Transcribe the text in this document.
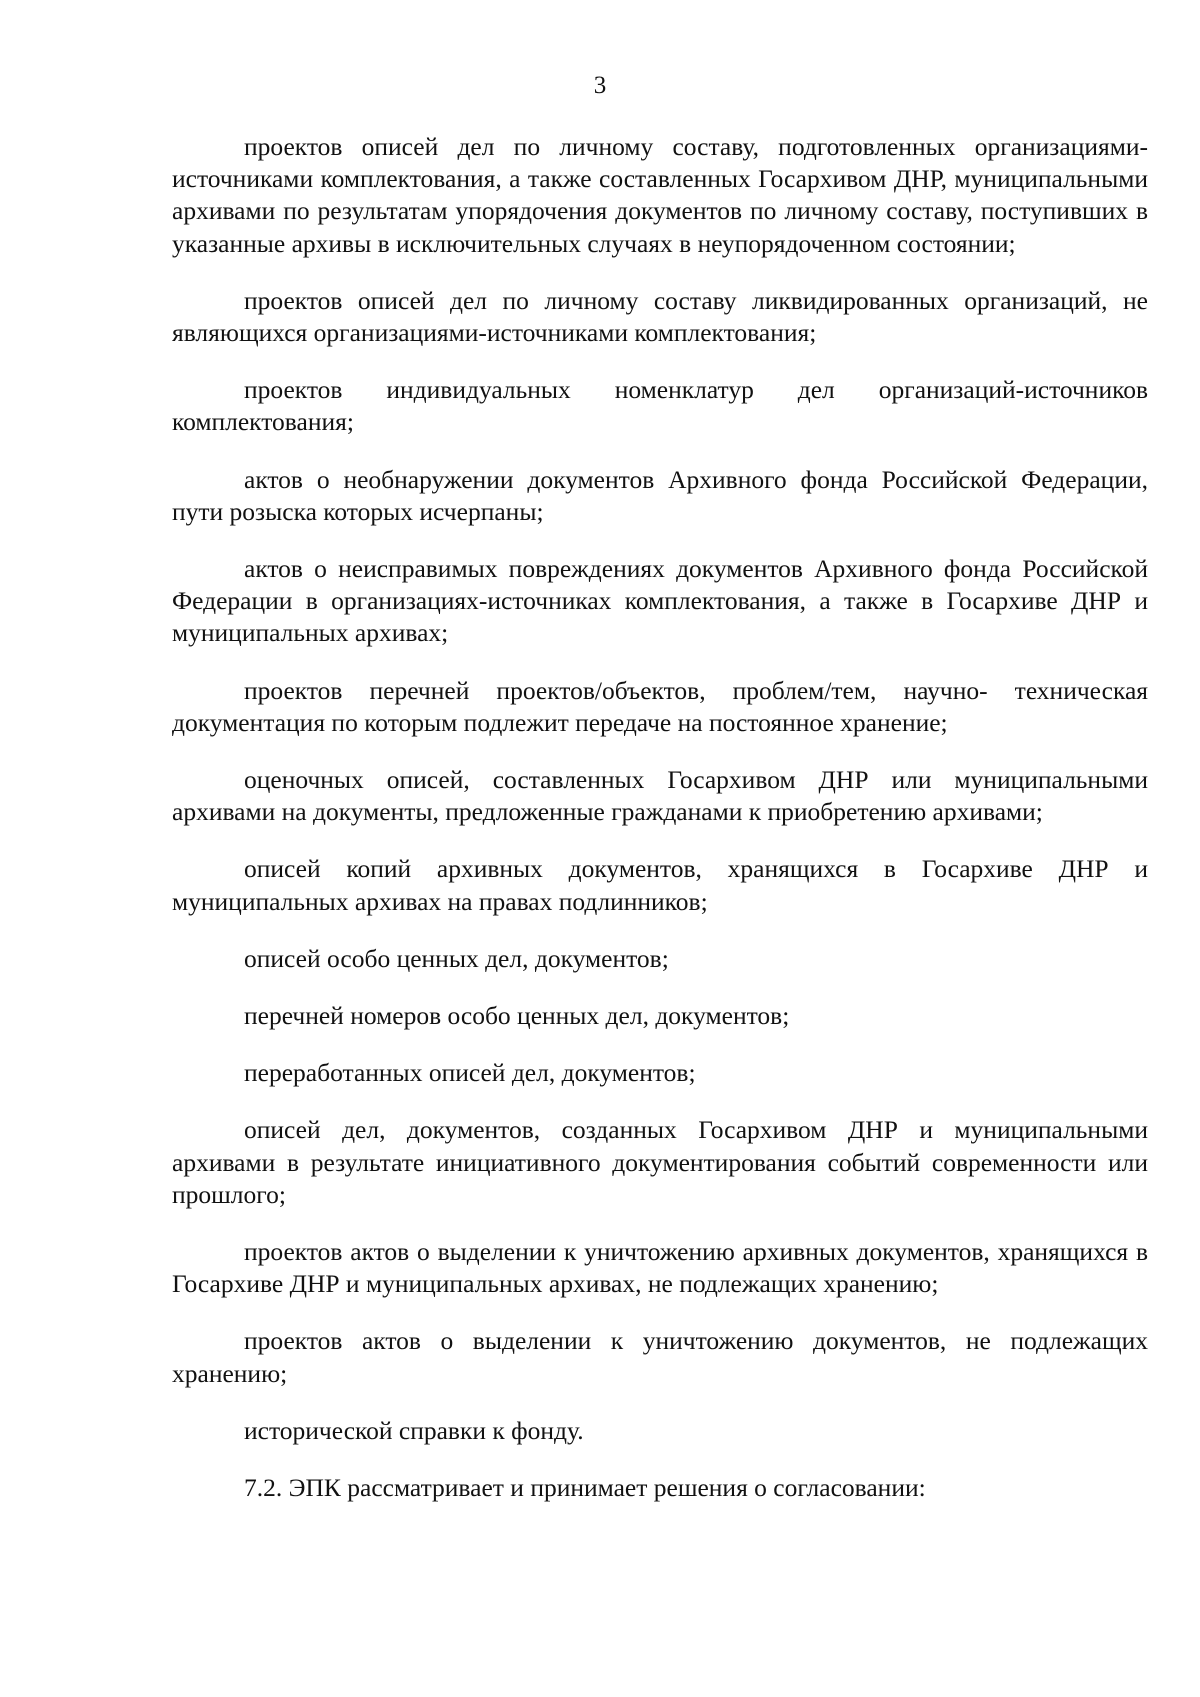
3

проектов описей дел по личному составу, подготовленных организациями-источниками комплектования, а также составленных Госархивом ДНР, муниципальными архивами по результатам упорядочения документов по личному составу, поступивших в указанные архивы в исключительных случаях в неупорядоченном состоянии;

проектов описей дел по личному составу ликвидированных организаций, не являющихся организациями-источниками комплектования;

проектов индивидуальных номенклатур дел организаций-источников комплектования;

актов о необнаружении документов Архивного фонда Российской Федерации, пути розыска которых исчерпаны;

актов о неисправимых повреждениях документов Архивного фонда Российской Федерации в организациях-источниках комплектования, а также в Госархиве ДНР и муниципальных архивах;

проектов перечней проектов/объектов, проблем/тем, научно- техническая документация по которым подлежит передаче на постоянное хранение;

оценочных описей, составленных Госархивом ДНР или муниципальными архивами на документы, предложенные гражданами к приобретению архивами;

описей копий архивных документов, хранящихся в Госархиве ДНР и муниципальных архивах на правах подлинников;

описей особо ценных дел, документов;

перечней номеров особо ценных дел, документов;

переработанных описей дел, документов;

описей дел, документов, созданных Госархивом ДНР и муниципальными архивами в результате инициативного документирования событий современности или прошлого;

проектов актов о выделении к уничтожению архивных документов, хранящихся в Госархиве ДНР и муниципальных архивах, не подлежащих хранению;

проектов актов о выделении к уничтожению документов, не подлежащих хранению;

исторической справки к фонду.

7.2. ЭПК рассматривает и принимает решения о согласовании:
